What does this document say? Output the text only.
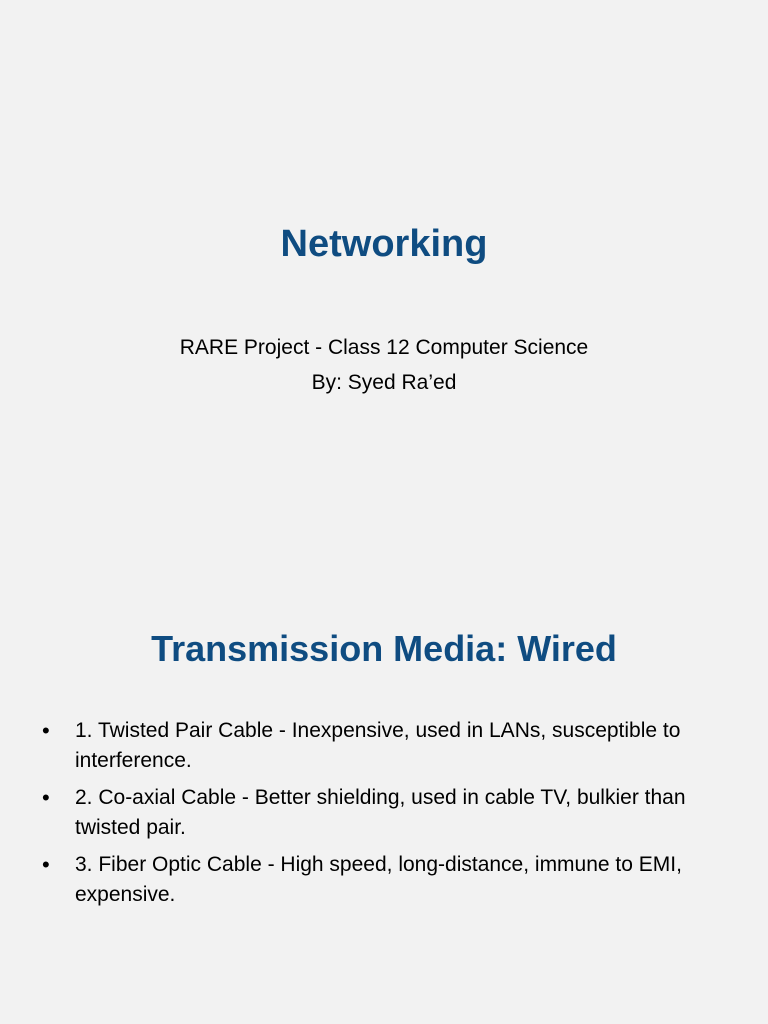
Networking
RARE Project - Class 12 Computer Science
By: Syed Ra’ed
Transmission Media: Wired
•	1. Twisted Pair Cable - Inexpensive, used in LANs, susceptible to interference.
•	2. Co-axial Cable - Better shielding, used in cable TV, bulkier than twisted pair.
•	3. Fiber Optic Cable - High speed, long-distance, immune to EMI, expensive.
